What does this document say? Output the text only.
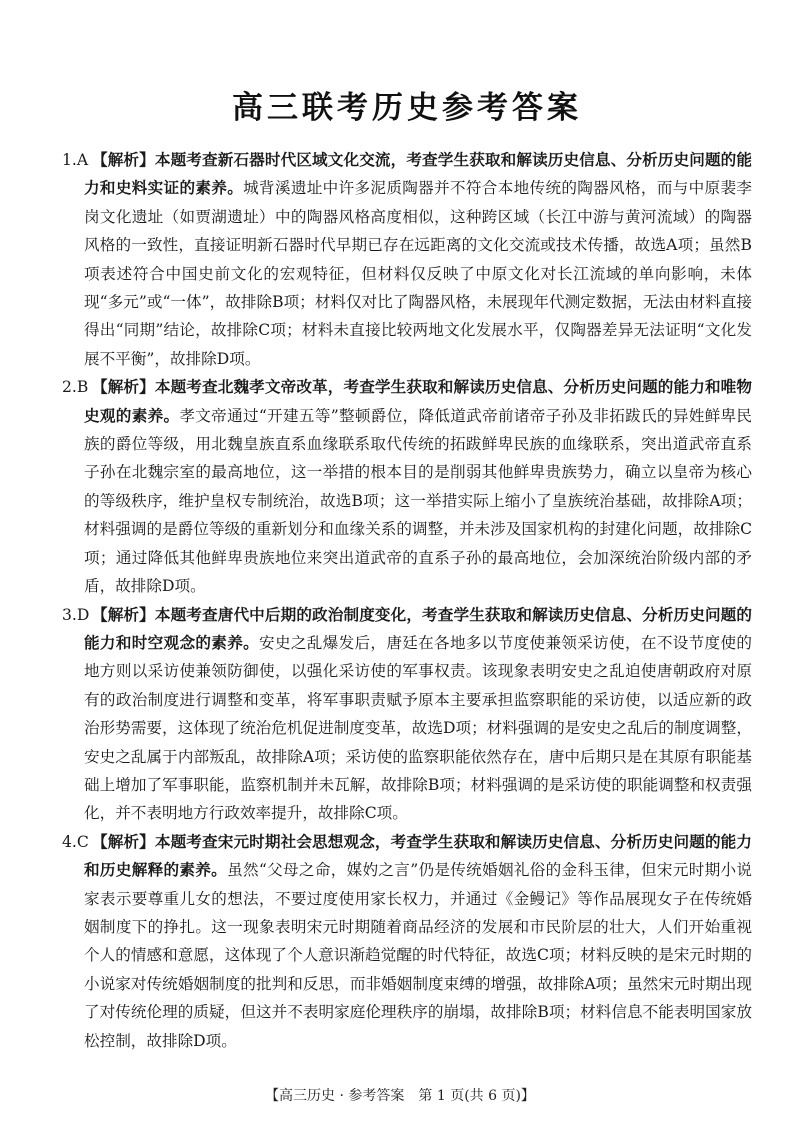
高三联考历史参考答案
1.A 【解析】本题考查新石器时代区域文化交流，考查学生获取和解读历史信息、分析历史问题的能力和史料实证的素养。城背溪遗址中许多泥质陶器并不符合本地传统的陶器风格，而与中原裴李岗文化遗址（如贾湖遗址）中的陶器风格高度相似，这种跨区域（长江中游与黄河流域）的陶器风格的一致性，直接证明新石器时代早期已存在远距离的文化交流或技术传播，故选A项；虽然B项表述符合中国史前文化的宏观特征，但材料仅反映了中原文化对长江流域的单向影响，未体现“多元”或“一体”，故排除B项；材料仅对比了陶器风格，未展现年代测定数据，无法由材料直接得出“同期”结论，故排除C项；材料未直接比较两地文化发展水平，仅陶器差异无法证明“文化发展不平衡”，故排除D项。
2.B 【解析】本题考查北魏孝文帝改革，考查学生获取和解读历史信息、分析历史问题的能力和唯物史观的素养。孝文帝通过“开建五等”整顿爵位，降低道武帝前诸帝子孙及非拓跋氏的异姓鲜卑民族的爵位等级，用北魏皇族直系血缘联系取代传统的拓跋鲜卑民族的血缘联系，突出道武帝直系子孙在北魏宗室的最高地位，这一举措的根本目的是削弱其他鲜卑贵族势力，确立以皇帝为核心的等级秩序，维护皇权专制统治，故选B项；这一举措实际上缩小了皇族统治基础，故排除A项；材料强调的是爵位等级的重新划分和血缘关系的调整，并未涉及国家机构的封建化问题，故排除C项；通过降低其他鲜卑贵族地位来突出道武帝的直系子孙的最高地位，会加深统治阶级内部的矛盾，故排除D项。
3.D 【解析】本题考查唐代中后期的政治制度变化，考查学生获取和解读历史信息、分析历史问题的能力和时空观念的素养。安史之乱爆发后，唐廷在各地多以节度使兼领采访使，在不设节度使的地方则以采访使兼领防御使，以强化采访使的军事权责。该现象表明安史之乱迫使唐朝政府对原有的政治制度进行调整和变革，将军事职责赋予原本主要承担监察职能的采访使，以适应新的政治形势需要，这体现了统治危机促进制度变革，故选D项；材料强调的是安史之乱后的制度调整，安史之乱属于内部叛乱，故排除A项；采访使的监察职能依然存在，唐中后期只是在其原有职能基础上增加了军事职能，监察机制并未瓦解，故排除B项；材料强调的是采访使的职能调整和权责强化，并不表明地方行政效率提升，故排除C项。
4.C 【解析】本题考查宋元时期社会思想观念，考查学生获取和解读历史信息、分析历史问题的能力和历史解释的素养。虽然“父母之命，媒妁之言”仍是传统婚姻礼俗的金科玉律，但宋元时期小说家表示要尊重儿女的想法，不要过度使用家长权力，并通过《金鳗记》等作品展现女子在传统婚姻制度下的挣扎。这一现象表明宋元时期随着商品经济的发展和市民阶层的壮大，人们开始重视个人的情感和意愿，这体现了个人意识渐趋觉醒的时代特征，故选C项；材料反映的是宋元时期的小说家对传统婚姻制度的批判和反思，而非婚姻制度束缚的增强，故排除A项；虽然宋元时期出现了对传统伦理的质疑，但这并不表明家庭伦理秩序的崩塌，故排除B项；材料信息不能表明国家放松控制，故排除D项。
【高三历史 · 参考答案　第 1 页(共 6 页)】
